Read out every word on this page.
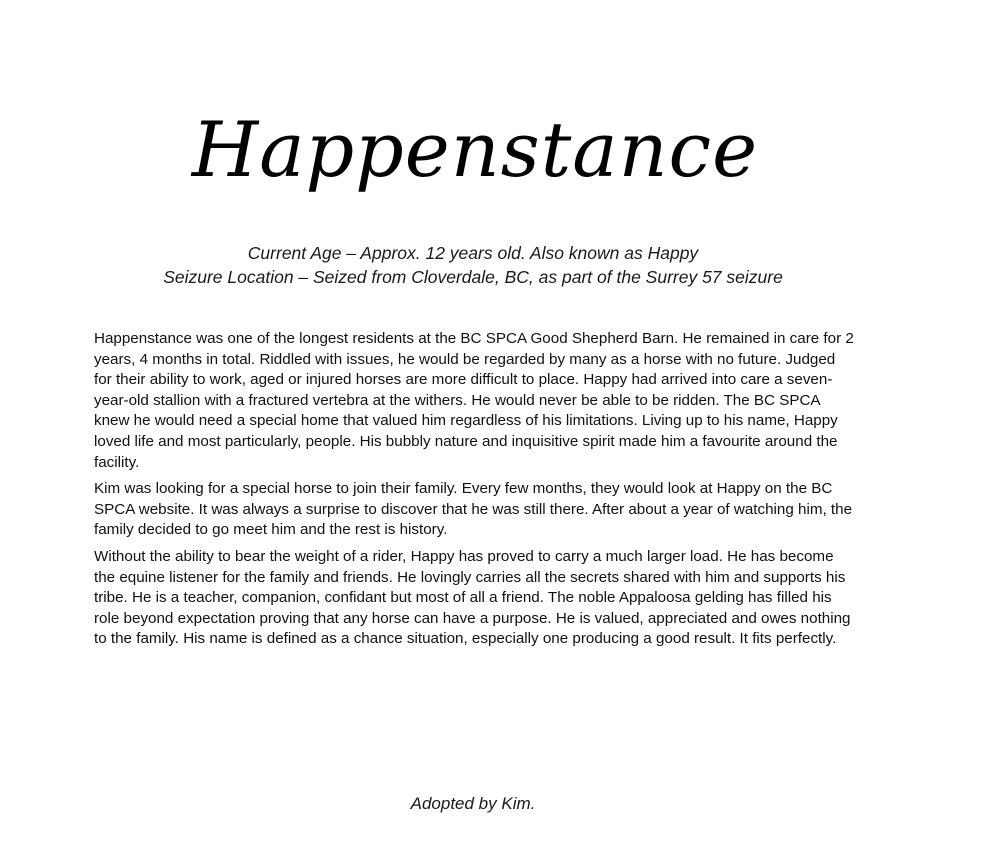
Happenstance
Current Age – Approx. 12 years old. Also known as Happy
Seizure Location – Seized from Cloverdale, BC, as part of the Surrey 57 seizure

Happenstance was one of the longest residents at the BC SPCA Good Shepherd Barn. He remained in care for 2 years, 4 months in total. Riddled with issues, he would be regarded by many as a horse with no future. Judged for their ability to work, aged or injured horses are more difficult to place. Happy had arrived into care a seven-year-old stallion with a fractured vertebra at the withers. He would never be able to be ridden. The BC SPCA knew he would need a special home that valued him regardless of his limitations. Living up to his name, Happy loved life and most particularly, people. His bubbly nature and inquisitive spirit made him a favourite around the facility.

Kim was looking for a special horse to join their family. Every few months, they would look at Happy on the BC SPCA website. It was always a surprise to discover that he was still there. After about a year of watching him, the family decided to go meet him and the rest is history.

Without the ability to bear the weight of a rider, Happy has proved to carry a much larger load. He has become the equine listener for the family and friends. He lovingly carries all the secrets shared with him and supports his tribe. He is a teacher, companion, confidant but most of all a friend. The noble Appaloosa gelding has filled his role beyond expectation proving that any horse can have a purpose. He is valued, appreciated and owes nothing to the family. His name is defined as a chance situation, especially one producing a good result. It fits perfectly.

Adopted by Kim.
